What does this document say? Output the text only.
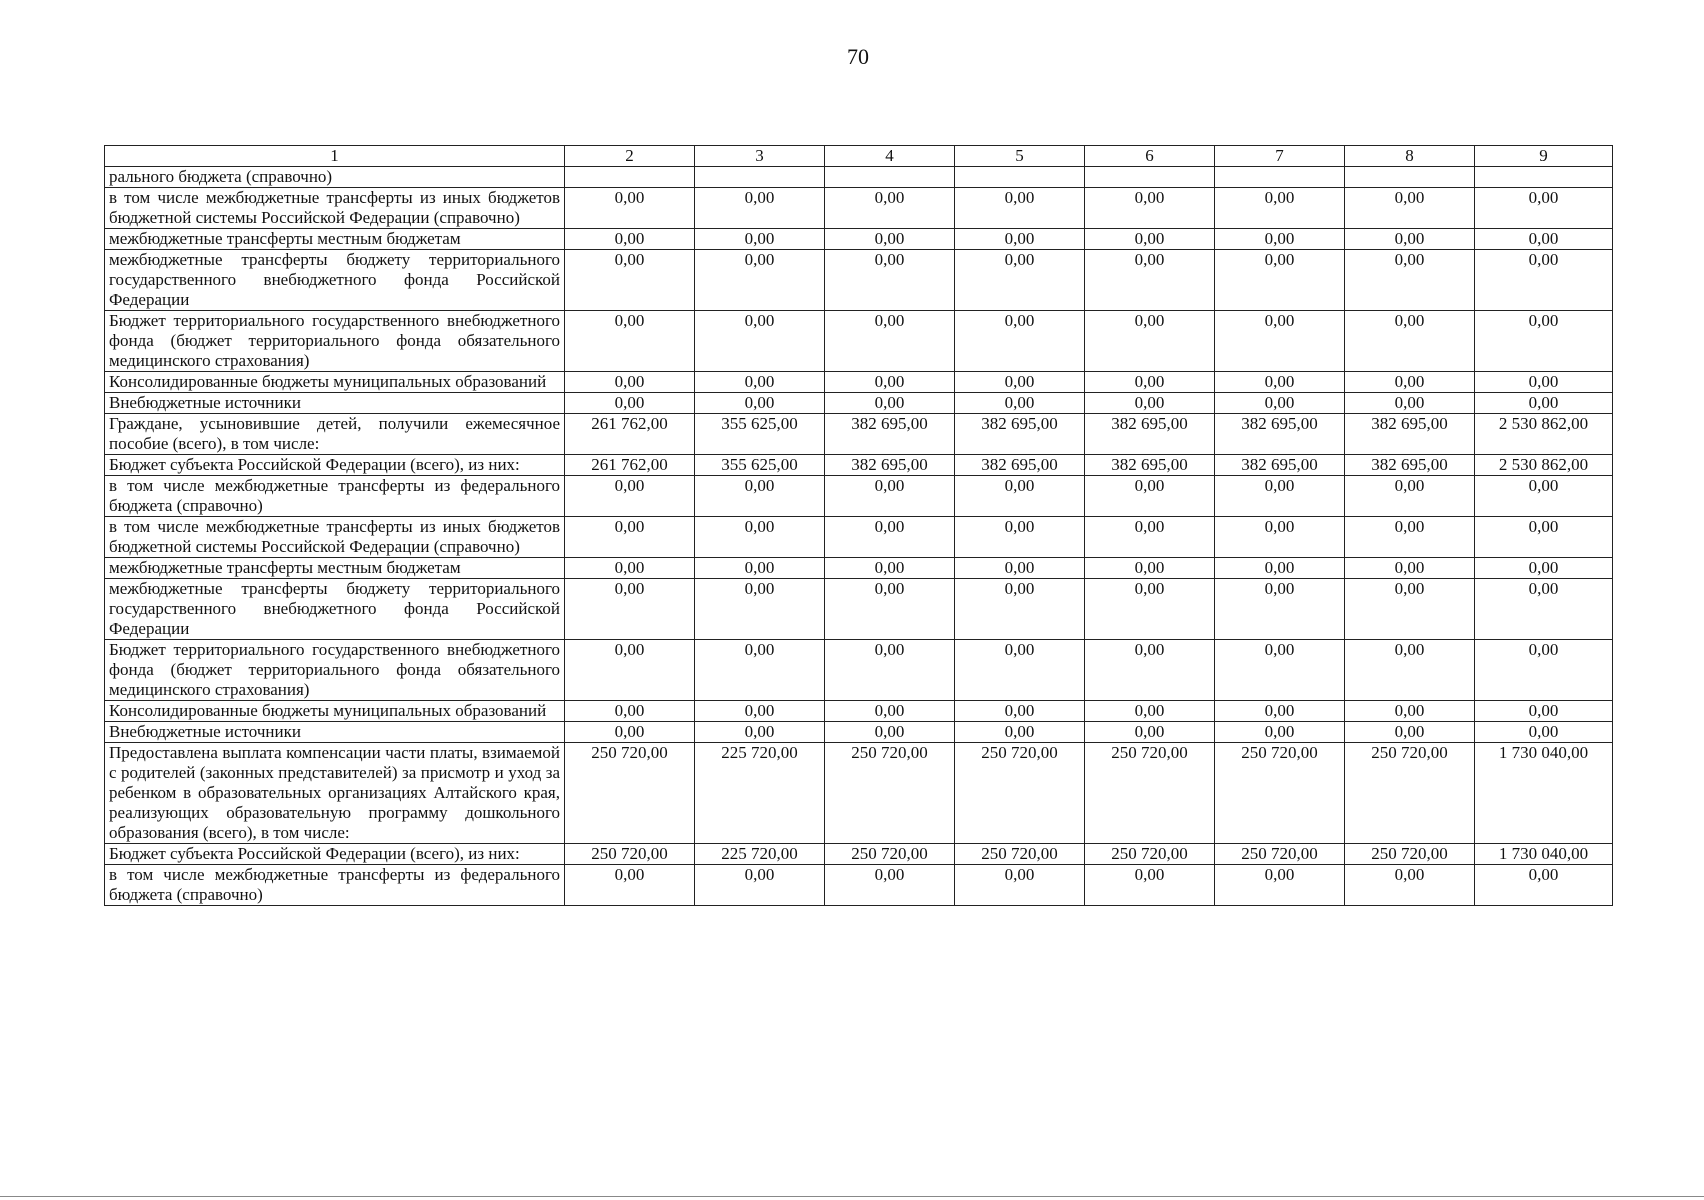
70
1	2	3	4	5	6	7	8	9
рального бюджета (справочно)								
в том числе межбюджетные трансферты из иных бюджетов бюджетной системы Российской Федерации (справочно)	0,00	0,00	0,00	0,00	0,00	0,00	0,00	0,00
межбюджетные трансферты местным бюджетам	0,00	0,00	0,00	0,00	0,00	0,00	0,00	0,00
межбюджетные трансферты бюджету территориального государственного внебюджетного фонда Российской Федерации	0,00	0,00	0,00	0,00	0,00	0,00	0,00	0,00
Бюджет территориального государственного внебюджетного фонда (бюджет территориального фонда обязательного медицинского страхования)	0,00	0,00	0,00	0,00	0,00	0,00	0,00	0,00
Консолидированные бюджеты муниципальных образований	0,00	0,00	0,00	0,00	0,00	0,00	0,00	0,00
Внебюджетные источники	0,00	0,00	0,00	0,00	0,00	0,00	0,00	0,00
Граждане, усыновившие детей, получили ежемесячное пособие (всего), в том числе:	261 762,00	355 625,00	382 695,00	382 695,00	382 695,00	382 695,00	382 695,00	2 530 862,00
Бюджет субъекта Российской Федерации (всего), из них:	261 762,00	355 625,00	382 695,00	382 695,00	382 695,00	382 695,00	382 695,00	2 530 862,00
в том числе межбюджетные трансферты из федерального бюджета (справочно)	0,00	0,00	0,00	0,00	0,00	0,00	0,00	0,00
в том числе межбюджетные трансферты из иных бюджетов бюджетной системы Российской Федерации (справочно)	0,00	0,00	0,00	0,00	0,00	0,00	0,00	0,00
межбюджетные трансферты местным бюджетам	0,00	0,00	0,00	0,00	0,00	0,00	0,00	0,00
межбюджетные трансферты бюджету территориального государственного внебюджетного фонда Российской Федерации	0,00	0,00	0,00	0,00	0,00	0,00	0,00	0,00
Бюджет территориального государственного внебюджетного фонда (бюджет территориального фонда обязательного медицинского страхования)	0,00	0,00	0,00	0,00	0,00	0,00	0,00	0,00
Консолидированные бюджеты муниципальных образований	0,00	0,00	0,00	0,00	0,00	0,00	0,00	0,00
Внебюджетные источники	0,00	0,00	0,00	0,00	0,00	0,00	0,00	0,00
Предоставлена выплата компенсации части платы, взимаемой с родителей (законных представителей) за присмотр и уход за ребенком в образовательных организациях Алтайского края, реализующих образовательную программу дошкольного образования (всего), в том числе:	250 720,00	225 720,00	250 720,00	250 720,00	250 720,00	250 720,00	250 720,00	1 730 040,00
Бюджет субъекта Российской Федерации (всего), из них:	250 720,00	225 720,00	250 720,00	250 720,00	250 720,00	250 720,00	250 720,00	1 730 040,00
в том числе межбюджетные трансферты из федерального бюджета (справочно)	0,00	0,00	0,00	0,00	0,00	0,00	0,00	0,00
